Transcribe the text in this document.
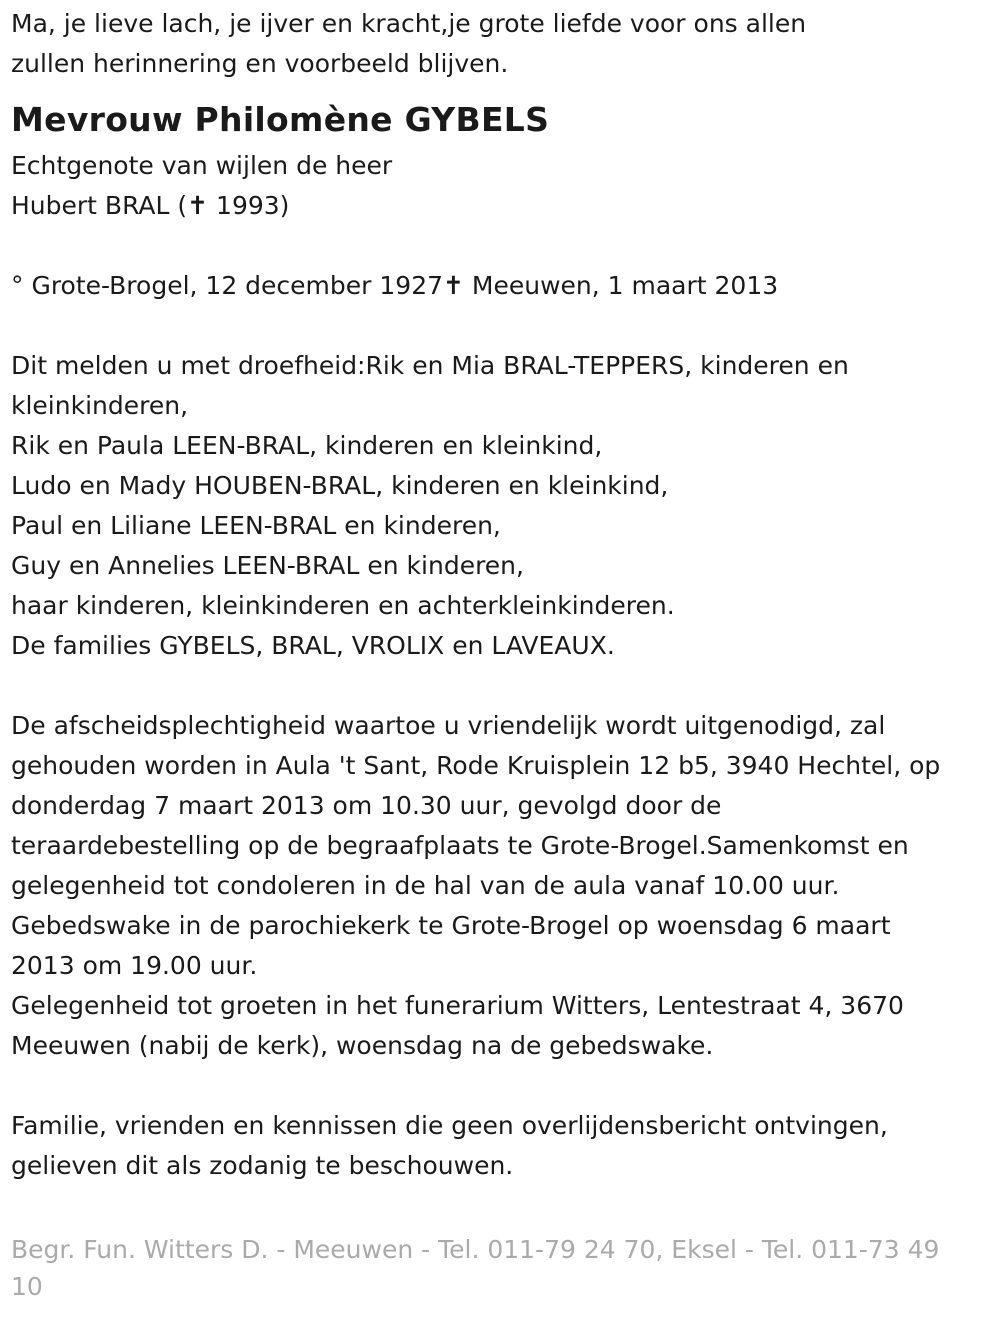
Ma, je lieve lach, je ijver en kracht,je grote liefde voor ons allen

zullen herinnering en voorbeeld blijven.

Mevrouw Philomène GYBELS

Echtgenote van wijlen de heer

Hubert BRAL (✝ 1993)

° Grote-Brogel, 12 december 1927✝ Meeuwen, 1 maart 2013

Dit melden u met droefheid:Rik en Mia BRAL-TEPPERS, kinderen en

kleinkinderen,

Rik en Paula LEEN-BRAL, kinderen en kleinkind,

Ludo en Mady HOUBEN-BRAL, kinderen en kleinkind,

Paul en Liliane LEEN-BRAL en kinderen,

Guy en Annelies LEEN-BRAL en kinderen,

haar kinderen, kleinkinderen en achterkleinkinderen.

De families GYBELS, BRAL, VROLIX en LAVEAUX.

De afscheidsplechtigheid waartoe u vriendelijk wordt uitgenodigd, zal

gehouden worden in Aula 't Sant, Rode Kruisplein 12 b5, 3940 Hechtel, op

donderdag 7 maart 2013 om 10.30 uur, gevolgd door de

teraardebestelling op de begraafplaats te Grote-Brogel.Samenkomst en

gelegenheid tot condoleren in de hal van de aula vanaf 10.00 uur.

Gebedswake in de parochiekerk te Grote-Brogel op woensdag 6 maart

2013 om 19.00 uur.

Gelegenheid tot groeten in het funerarium Witters, Lentestraat 4, 3670

Meeuwen (nabij de kerk), woensdag na de gebedswake.

Familie, vrienden en kennissen die geen overlijdensbericht ontvingen,

gelieven dit als zodanig te beschouwen.

Begr. Fun. Witters D. - Meeuwen - Tel. 011-79 24 70, Eksel - Tel. 011-73 49

10
